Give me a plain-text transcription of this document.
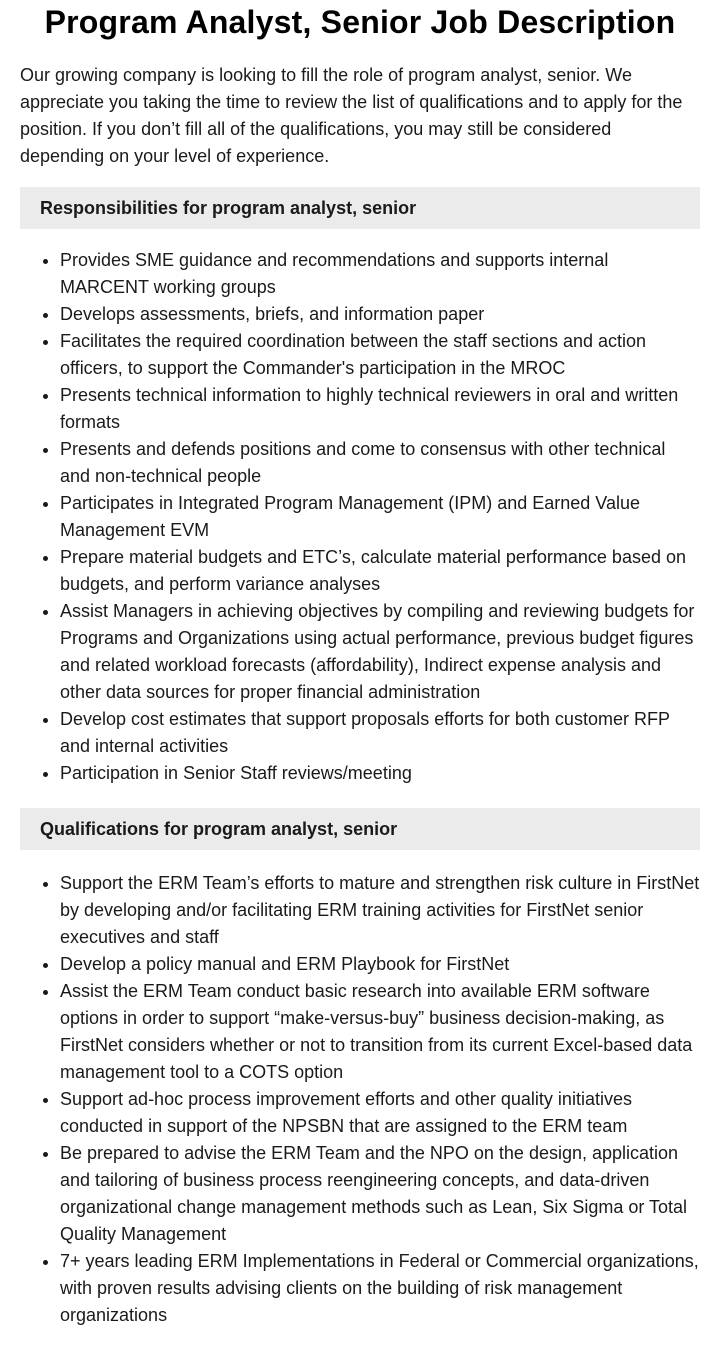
Program Analyst, Senior Job Description

Our growing company is looking to fill the role of program analyst, senior. We appreciate you taking the time to review the list of qualifications and to apply for the position. If you don’t fill all of the qualifications, you may still be considered depending on your level of experience.

Responsibilities for program analyst, senior
• Provides SME guidance and recommendations and supports internal MARCENT working groups
• Develops assessments, briefs, and information paper
• Facilitates the required coordination between the staff sections and action officers, to support the Commander's participation in the MROC
• Presents technical information to highly technical reviewers in oral and written formats
• Presents and defends positions and come to consensus with other technical and non-technical people
• Participates in Integrated Program Management (IPM) and Earned Value Management EVM
• Prepare material budgets and ETC’s, calculate material performance based on budgets, and perform variance analyses
• Assist Managers in achieving objectives by compiling and reviewing budgets for Programs and Organizations using actual performance, previous budget figures and related workload forecasts (affordability), Indirect expense analysis and other data sources for proper financial administration
• Develop cost estimates that support proposals efforts for both customer RFP and internal activities
• Participation in Senior Staff reviews/meeting
Qualifications for program analyst, senior
• Support the ERM Team’s efforts to mature and strengthen risk culture in FirstNet by developing and/or facilitating ERM training activities for FirstNet senior executives and staff
• Develop a policy manual and ERM Playbook for FirstNet
• Assist the ERM Team conduct basic research into available ERM software options in order to support “make-versus-buy” business decision-making, as FirstNet considers whether or not to transition from its current Excel-based data management tool to a COTS option
• Support ad-hoc process improvement efforts and other quality initiatives conducted in support of the NPSBN that are assigned to the ERM team
• Be prepared to advise the ERM Team and the NPO on the design, application and tailoring of business process reengineering concepts, and data-driven organizational change management methods such as Lean, Six Sigma or Total Quality Management
• 7+ years leading ERM Implementations in Federal or Commercial organizations, with proven results advising clients on the building of risk management organizations
